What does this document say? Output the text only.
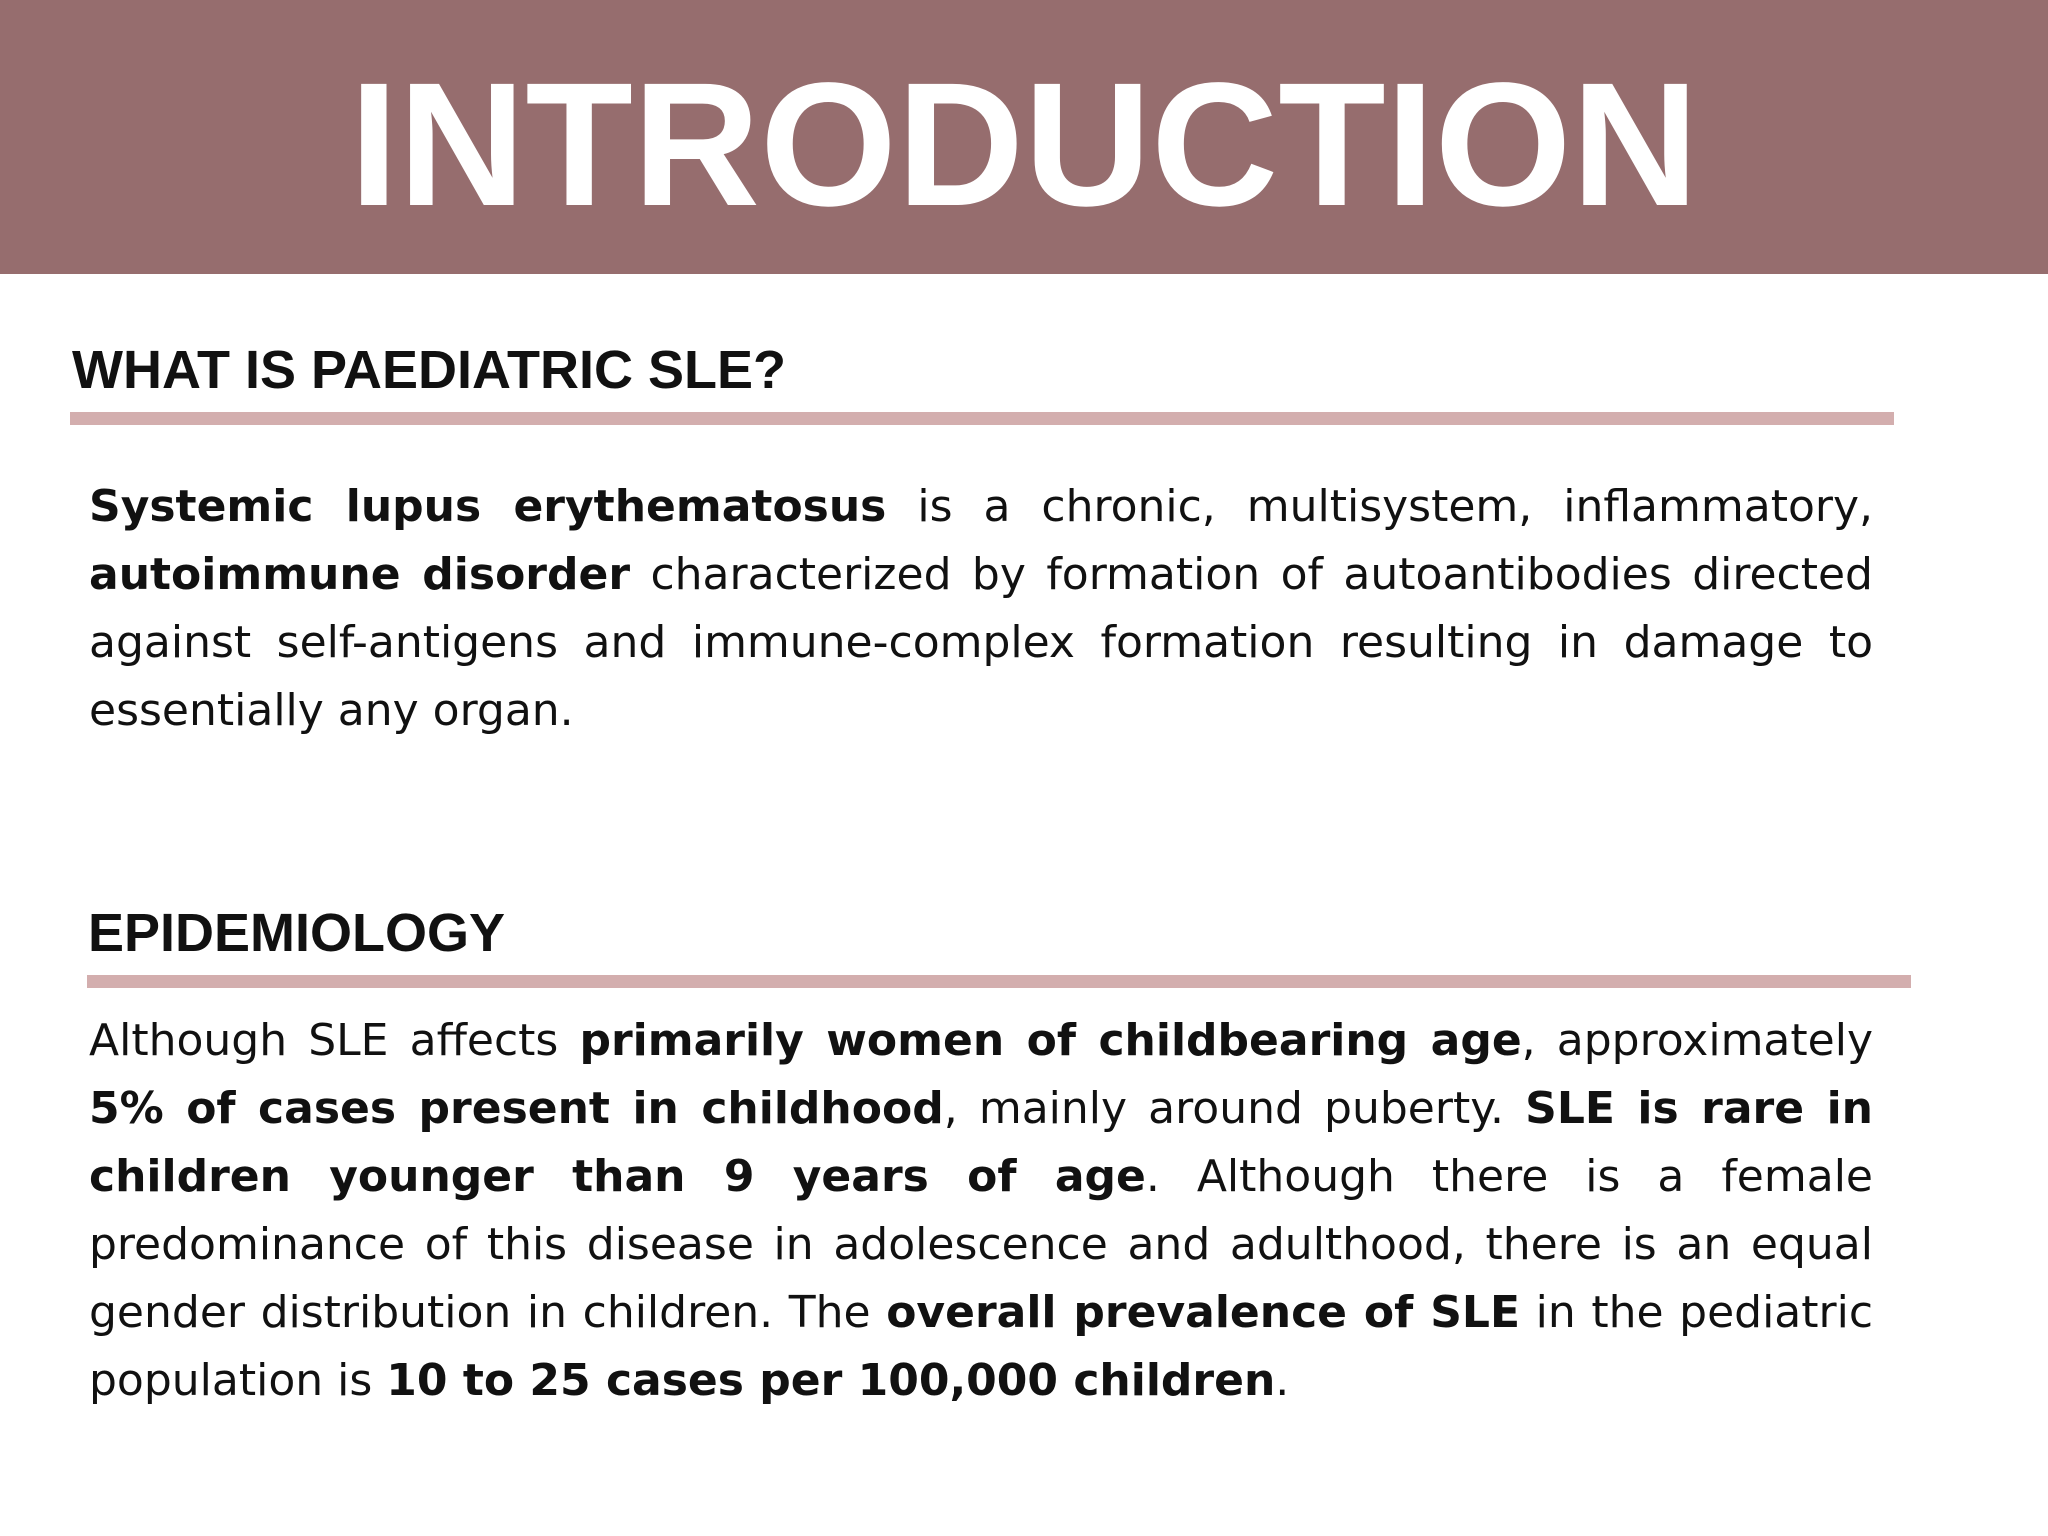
INTRODUCTION
WHAT IS PAEDIATRIC SLE?

Systemic lupus erythematosus is a chronic, multisystem, inflammatory, autoimmune disorder characterized by formation of autoantibodies directed against self-antigens and immune-complex formation resulting in damage to essentially any organ.

EPIDEMIOLOGY

Although SLE affects primarily women of childbearing age, approximately 5% of cases present in childhood, mainly around puberty. SLE is rare in children younger than 9 years of age. Although there is a female predominance of this disease in adolescence and adulthood, there is an equal gender distribution in children. The overall prevalence of SLE in the pediatric population is 10 to 25 cases per 100,000 children.
